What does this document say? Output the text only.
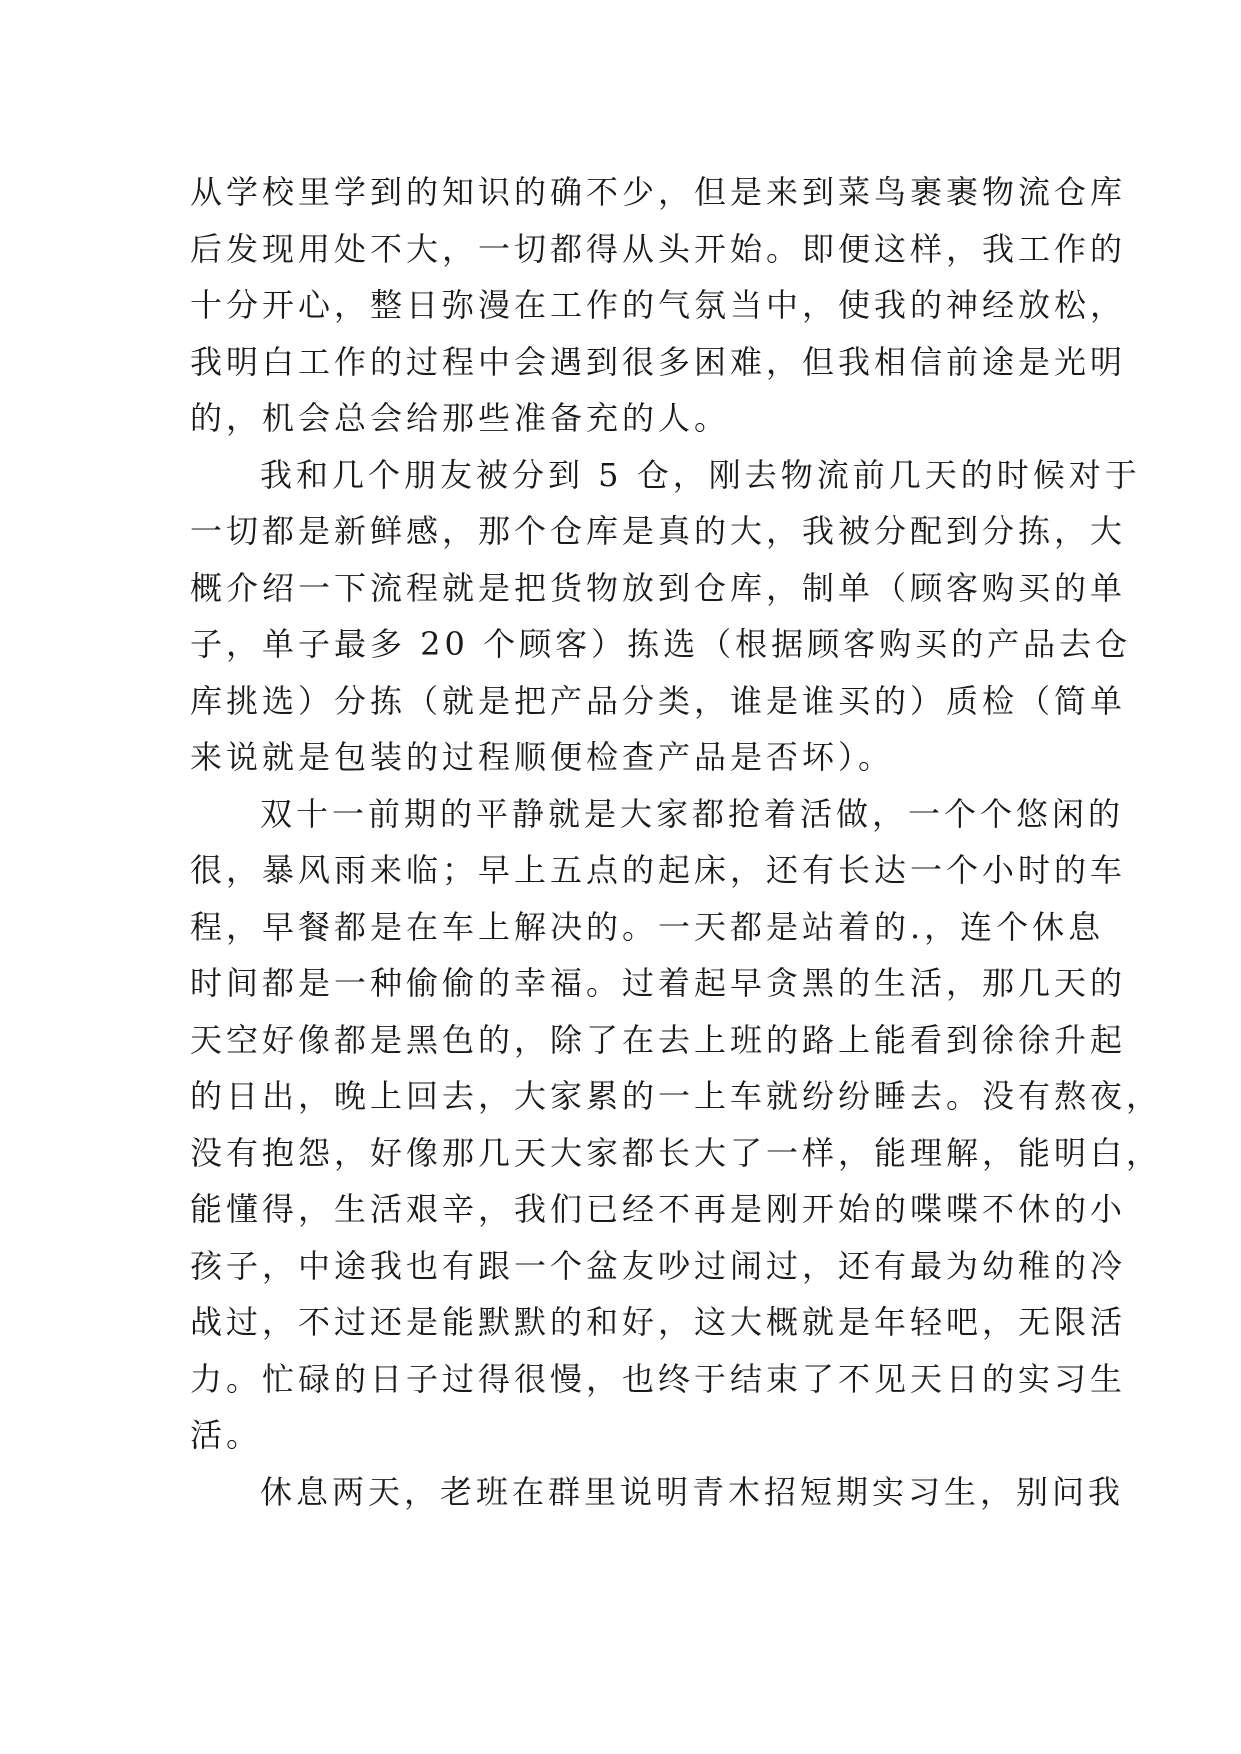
从学校里学到的知识的确不少，但是来到菜鸟裹裹物流仓库
后发现用处不大，一切都得从头开始。即便这样，我工作的
十分开心，整日弥漫在工作的气氛当中，使我的神经放松，
我明白工作的过程中会遇到很多困难，但我相信前途是光明
的，机会总会给那些准备充的人。
我和几个朋友被分到 5 仓，刚去物流前几天的时候对于
一切都是新鲜感，那个仓库是真的大，我被分配到分拣，大
概介绍一下流程就是把货物放到仓库，制单（顾客购买的单
子，单子最多 20 个顾客）拣选（根据顾客购买的产品去仓
库挑选）分拣（就是把产品分类，谁是谁买的）质检（简单
来说就是包装的过程顺便检查产品是否坏）。
双十一前期的平静就是大家都抢着活做，一个个悠闲的
很，暴风雨来临；早上五点的起床，还有长达一个小时的车
程，早餐都是在车上解决的。一天都是站着的.，连个休息
时间都是一种偷偷的幸福。过着起早贪黑的生活，那几天的
天空好像都是黑色的，除了在去上班的路上能看到徐徐升起
的日出，晚上回去，大家累的一上车就纷纷睡去。没有熬夜，
没有抱怨，好像那几天大家都长大了一样，能理解，能明白，
能懂得，生活艰辛，我们已经不再是刚开始的喋喋不休的小
孩子，中途我也有跟一个盆友吵过闹过，还有最为幼稚的冷
战过，不过还是能默默的和好，这大概就是年轻吧，无限活
力。忙碌的日子过得很慢，也终于结束了不见天日的实习生
活。
休息两天，老班在群里说明青木招短期实习生，别问我
